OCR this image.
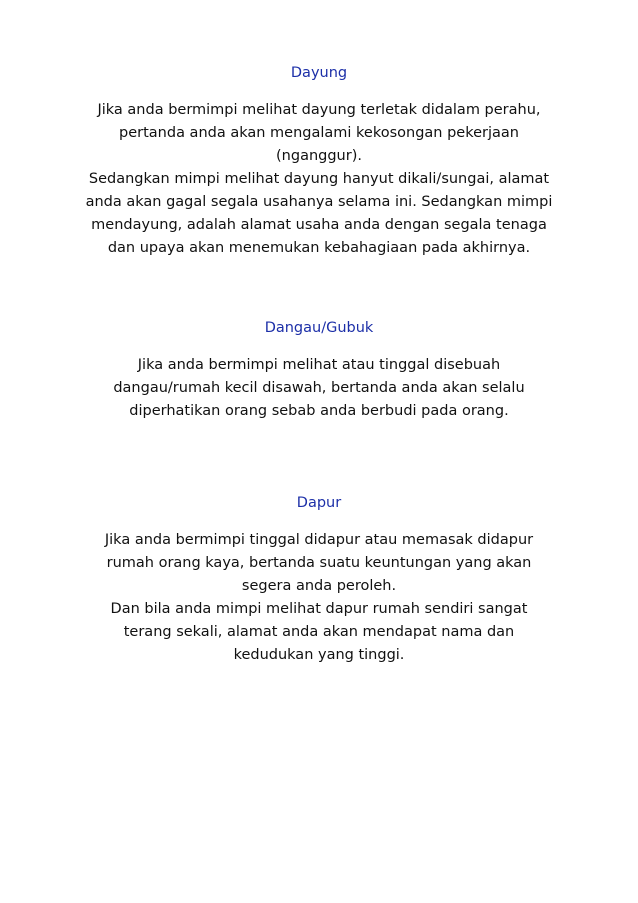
Dayung
Jika anda bermimpi melihat dayung terletak didalam perahu,
pertanda anda akan mengalami kekosongan pekerjaan
(nganggur).
Sedangkan mimpi melihat dayung hanyut dikali/sungai, alamat
anda akan gagal segala usahanya selama ini. Sedangkan mimpi
mendayung, adalah alamat usaha anda dengan segala tenaga
dan upaya akan menemukan kebahagiaan pada akhirnya.
Dangau/Gubuk
Jika anda bermimpi melihat atau tinggal disebuah
dangau/rumah kecil disawah, bertanda anda akan selalu
diperhatikan orang sebab anda berbudi pada orang.
Dapur
Jika anda bermimpi tinggal didapur atau memasak didapur
rumah orang kaya, bertanda suatu keuntungan yang akan
segera anda peroleh.
Dan bila anda mimpi melihat dapur rumah sendiri sangat
terang sekali, alamat anda akan mendapat nama dan
kedudukan yang tinggi.
